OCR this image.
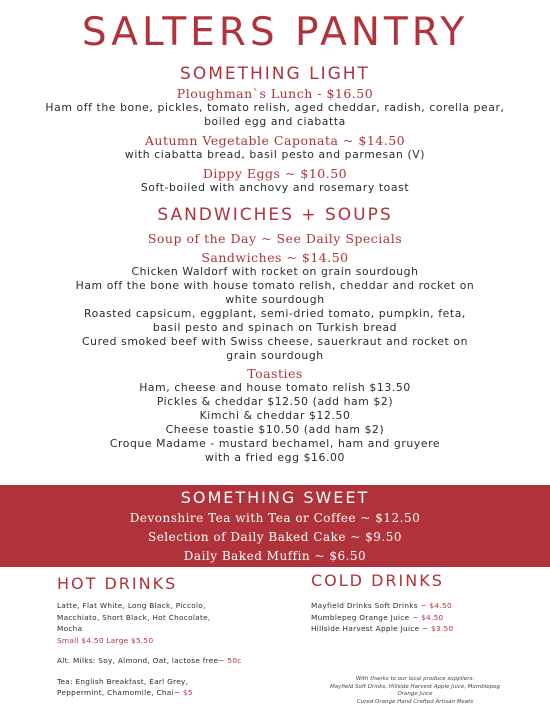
SALTERS PANTRY
SOMETHING LIGHT
Ploughman`s Lunch - $16.50
Ham off the bone, pickles, tomato relish, aged cheddar, radish, corella pear,
boiled egg and ciabatta
Autumn Vegetable Caponata ~ $14.50
with ciabatta bread, basil pesto and parmesan (V)
Dippy Eggs ~ $10.50
Soft-boiled with anchovy and rosemary toast
SANDWICHES + SOUPS
Soup of the Day ~ See Daily Specials
Sandwiches ~ $14.50
Chicken Waldorf with rocket on grain sourdough
Ham off the bone with house tomato relish, cheddar and rocket on
white sourdough
Roasted capsicum, eggplant, semi-dried tomato, pumpkin, feta,
basil pesto and spinach on Turkish bread
Cured smoked beef with Swiss cheese, sauerkraut and rocket on
grain sourdough
Toasties
Ham, cheese and house tomato relish $13.50
Pickles & cheddar $12.50 (add ham $2)
Kimchi & cheddar $12.50
Cheese toastie $10.50 (add ham $2)
Croque Madame - mustard bechamel, ham and gruyere
with a fried egg $16.00
SOMETHING SWEET
Devonshire Tea with Tea or Coffee ~ $12.50
Selection of Daily Baked Cake ~ $9.50
Daily Baked Muffin ~ $6.50
HOT DRINKS
Latte, Flat White, Long Black, Piccolo,
Macchiato, Short Black, Hot Chocolate,
Mocha
Small $4.50 Large $5.50
Alt. Milks: Soy, Almond, Oat, lactose free~ 50c
Tea: English Breakfast, Earl Grey,
Peppermint, Chamomile, Chai~ $5
COLD DRINKS
Mayfield Drinks Soft Drinks ~ $4.50
Mumblepeg Orange Juice ~ $4.50
Hillside Harvest Apple Juice ~ $3.50
With thanks to our local produce suppliers:
Mayfield Soft Drinks, Hillside Harvest Apple Juice, Mumblepeg
Orange Juice
Cured Orange Hand Crafted Artisan Meats
